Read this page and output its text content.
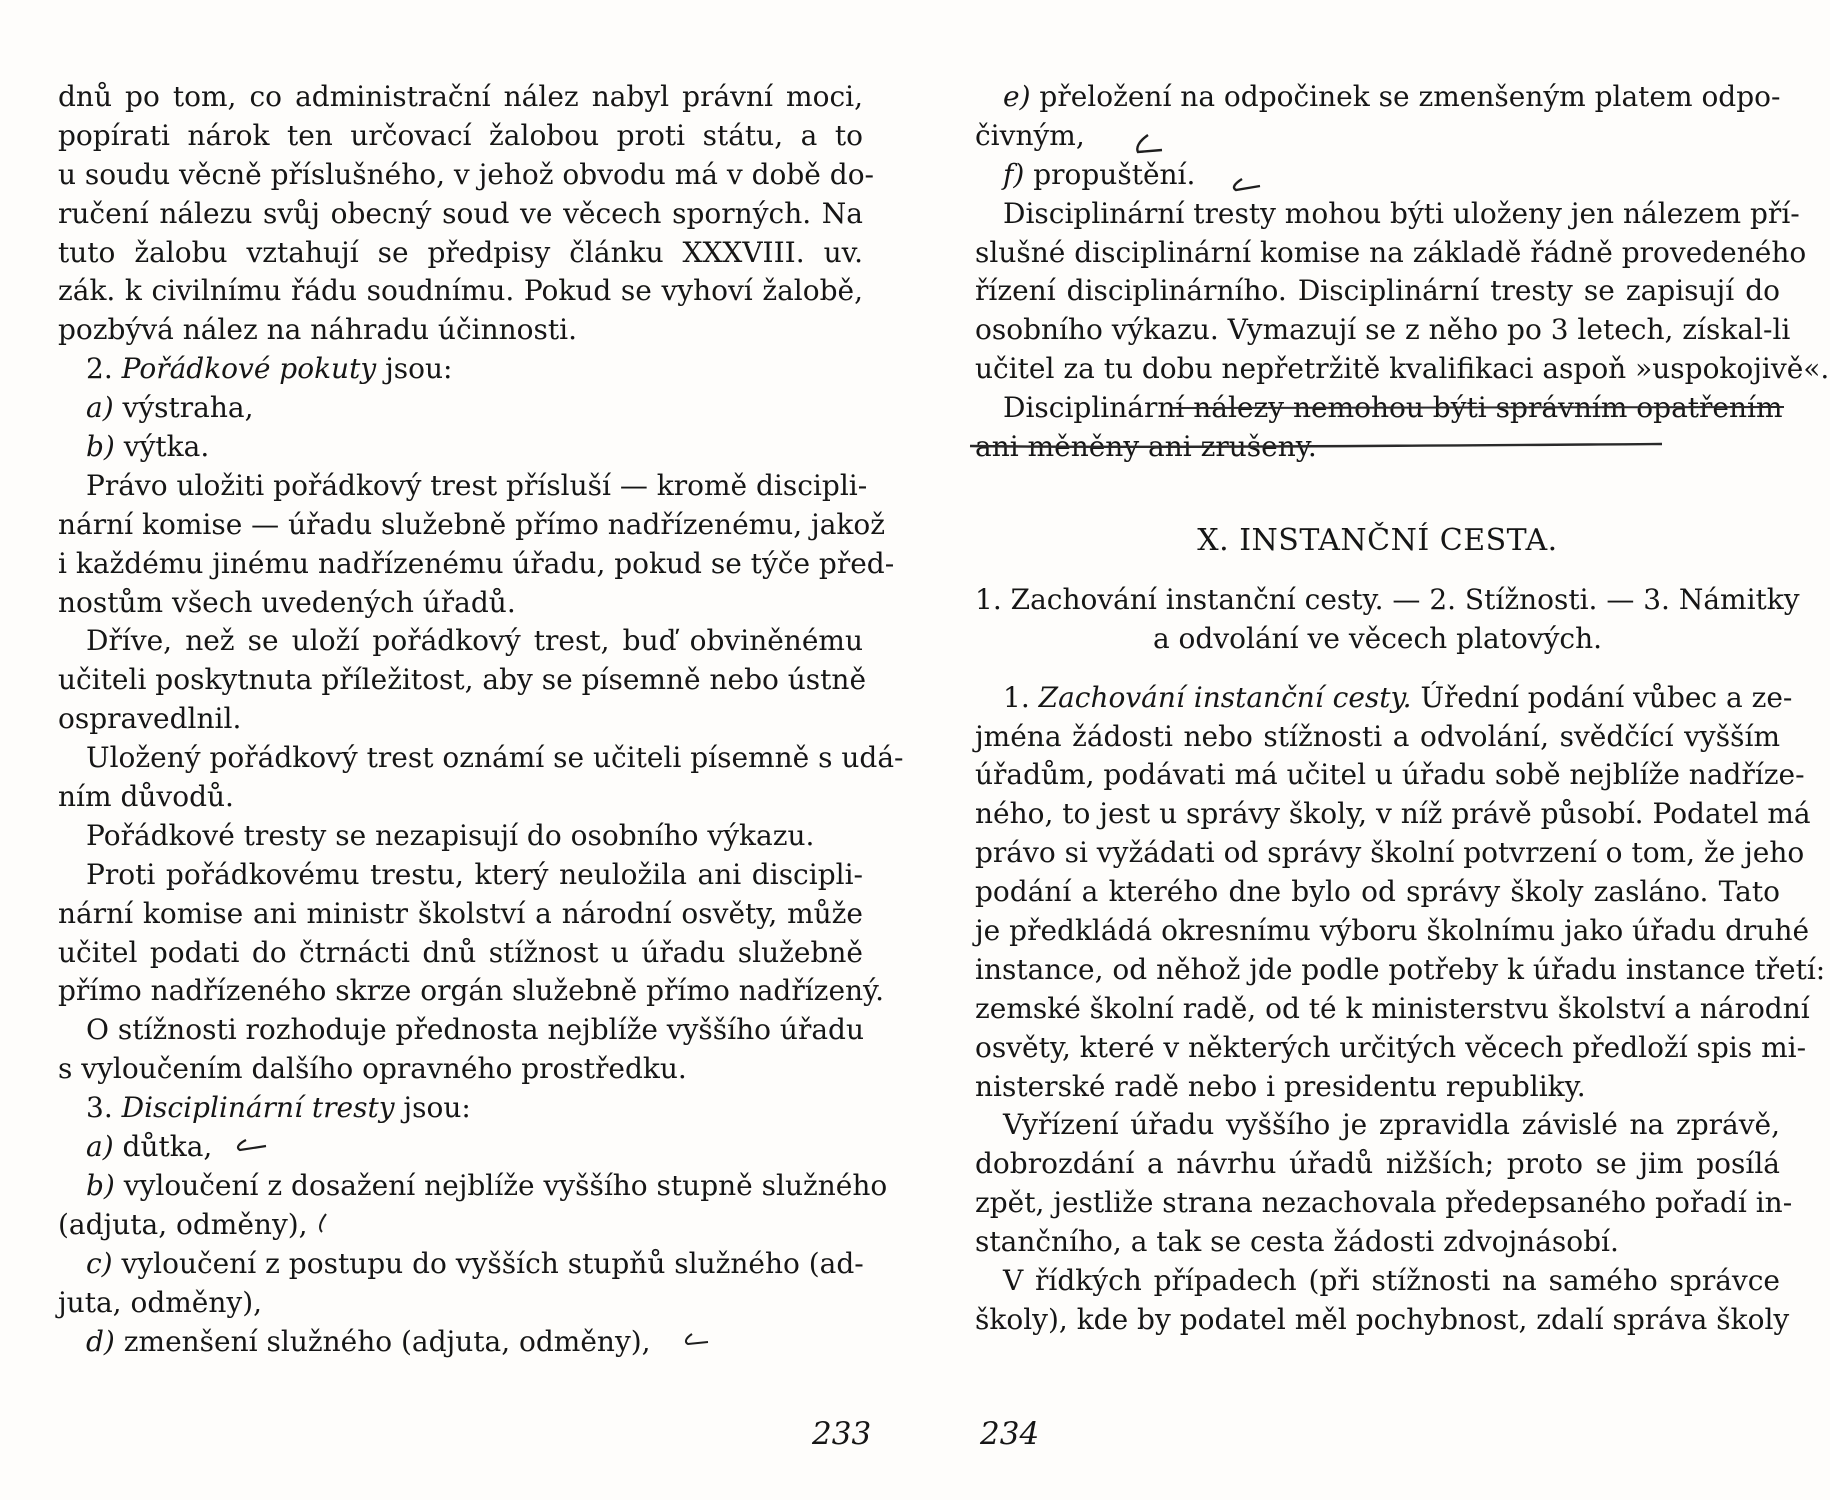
dnů po tom, co administrační nález nabyl právní moci,
popírati nárok ten určovací žalobou proti státu, a to
u soudu věcně příslušného, v jehož obvodu má v době do-
ručení nálezu svůj obecný soud ve věcech sporných. Na
tuto žalobu vztahují se předpisy článku XXXVIII. uv.
zák. k civilnímu řádu soudnímu. Pokud se vyhoví žalobě,
pozbývá nález na náhradu účinnosti.
2. Pořádkové pokuty jsou:
a) výstraha,
b) výtka.
Právo uložiti pořádkový trest přísluší — kromě discipli-
nární komise — úřadu služebně přímo nadřízenému, jakož
i každému jinému nadřízenému úřadu, pokud se týče před-
nostům všech uvedených úřadů.
Dříve, než se uloží pořádkový trest, buď obviněnému
učiteli poskytnuta příležitost, aby se písemně nebo ústně
ospravedlnil.
Uložený pořádkový trest oznámí se učiteli písemně s udá-
ním důvodů.
Pořádkové tresty se nezapisují do osobního výkazu.
Proti pořádkovému trestu, který neuložila ani discipli-
nární komise ani ministr školství a národní osvěty, může
učitel podati do čtrnácti dnů stížnost u úřadu služebně
přímo nadřízeného skrze orgán služebně přímo nadřízený.
O stížnosti rozhoduje přednosta nejblíže vyššího úřadu
s vyloučením dalšího opravného prostředku.
3. Disciplinární tresty jsou:
a) důtka,
b) vyloučení z dosažení nejblíže vyššího stupně služného
(adjuta, odměny),
c) vyloučení z postupu do vyšších stupňů služného (ad-
juta, odměny),
d) zmenšení služného (adjuta, odměny),
e) přeložení na odpočinek se zmenšeným platem odpo-
čivným,
f) propuštění.
Disciplinární tresty mohou býti uloženy jen nálezem pří-
slušné disciplinární komise na základě řádně provedeného
řízení disciplinárního. Disciplinární tresty se zapisují do
osobního výkazu. Vymazují se z něho po 3 letech, získal-li
učitel za tu dobu nepřetržitě kvalifikaci aspoň »uspokojivě«.
Disciplinární nálezy nemohou býti správním opatřením
ani měněny ani zrušeny.
X. INSTANČNÍ CESTA.
1. Zachování instanční cesty. — 2. Stížnosti. — 3. Námitky
a odvolání ve věcech platových.
1. Zachování instanční cesty. Úřední podání vůbec a ze-
jména žádosti nebo stížnosti a odvolání, svědčící vyšším
úřadům, podávati má učitel u úřadu sobě nejblíže nadříze-
ného, to jest u správy školy, v níž právě působí. Podatel má
právo si vyžádati od správy školní potvrzení o tom, že jeho
podání a kterého dne bylo od správy školy zasláno. Tato
je předkládá okresnímu výboru školnímu jako úřadu druhé
instance, od něhož jde podle potřeby k úřadu instance třetí:
zemské školní radě, od té k ministerstvu školství a národní
osvěty, které v některých určitých věcech předloží spis mi-
nisterské radě nebo i presidentu republiky.
Vyřízení úřadu vyššího je zpravidla závislé na zprávě,
dobrozdání a návrhu úřadů nižších; proto se jim posílá
zpět, jestliže strana nezachovala předepsaného pořadí in-
stančního, a tak se cesta žádosti zdvojnásobí.
V řídkých případech (při stížnosti na samého správce
školy), kde by podatel měl pochybnost, zdalí správa školy
233	234
